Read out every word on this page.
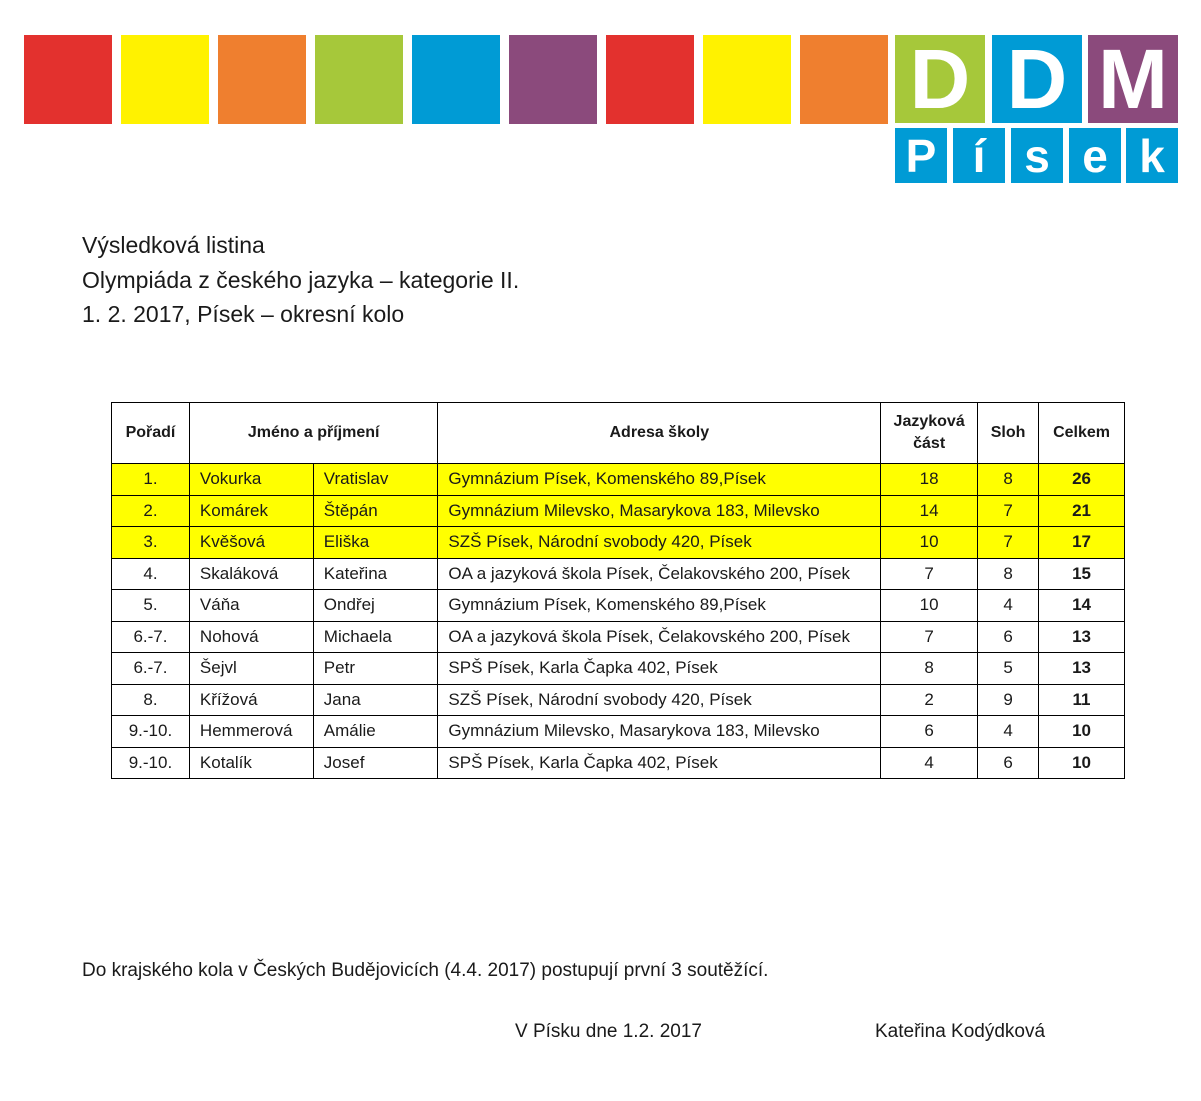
D D M
P í s e k
Výsledková listina
Olympiáda z českého jazyka – kategorie II.
1. 2. 2017, Písek – okresní kolo
Pořadí	Jméno a příjmení		Adresa školy	Jazyková
část	Sloh	Celkem
1.	Vokurka	Vratislav	Gymnázium Písek, Komenského 89,Písek	18	8	26
2.	Komárek	Štěpán	Gymnázium Milevsko, Masarykova 183, Milevsko	14	7	21
3.	Kvěšová	Eliška	SZŠ Písek, Národní svobody 420, Písek	10	7	17
4.	Skaláková	Kateřina	OA a jazyková škola Písek, Čelakovského 200, Písek	7	8	15
5.	Váňa	Ondřej	Gymnázium Písek, Komenského 89,Písek	10	4	14
6.-7.	Nohová	Michaela	OA a jazyková škola Písek, Čelakovského 200, Písek	7	6	13
6.-7.	Šejvl	Petr	SPŠ Písek, Karla Čapka 402, Písek	8	5	13
8.	Křížová	Jana	SZŠ Písek, Národní svobody 420, Písek	2	9	11
9.-10.	Hemmerová	Amálie	Gymnázium Milevsko, Masarykova 183, Milevsko	6	4	10
9.-10.	Kotalík	Josef	SPŠ Písek, Karla Čapka 402, Písek	4	6	10
Do krajského kola v Českých Budějovicích (4.4. 2017) postupují první 3 soutěžící.
V Písku dne 1.2. 2017	Kateřina Kodýdková
